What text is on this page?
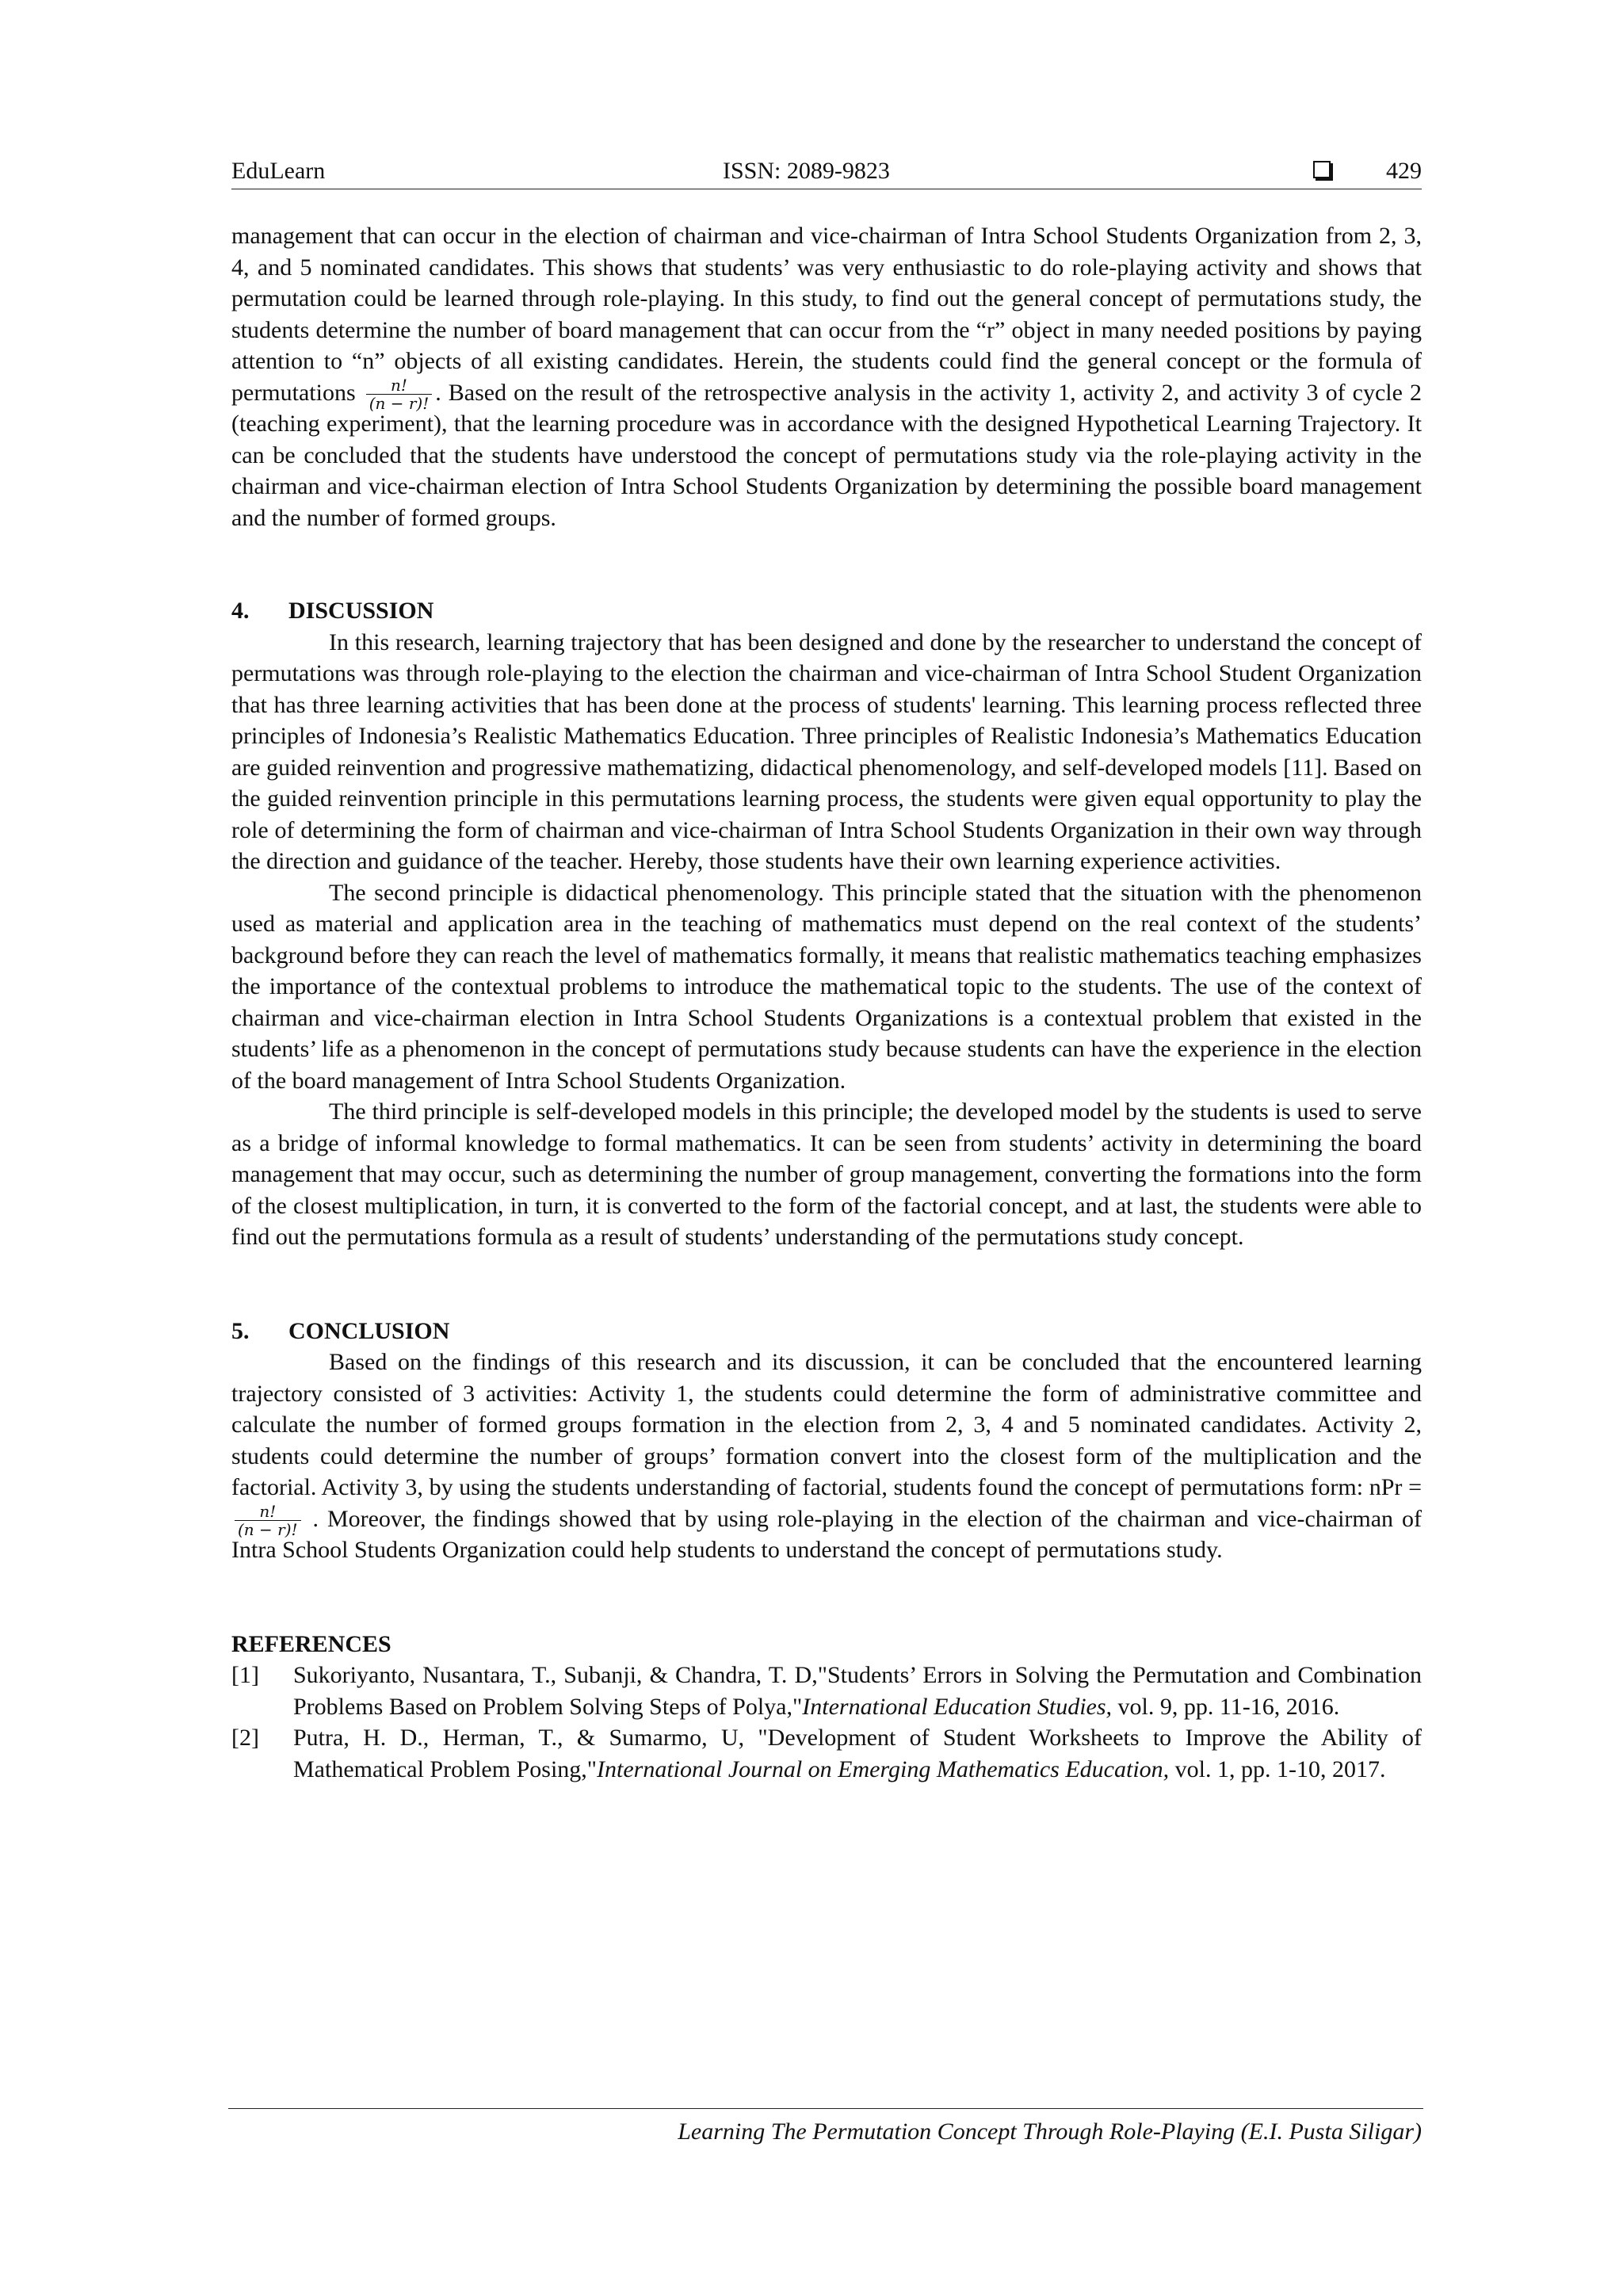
EduLearn	ISSN: 2089-9823	429

management that can occur in the election of chairman and vice-chairman of Intra School Students Organization from 2, 3, 4, and 5 nominated candidates. This shows that students’ was very enthusiastic to do role-playing activity and shows that permutation could be learned through role-playing. In this study, to find out the general concept of permutations study, the students determine the number of board management that can occur from the “r” object in many needed positions by paying attention to “n” objects of all existing candidates. Herein, the students could find the general concept or the formula of permutations $\frac{n!}{(n - r)!}$ . Based on the result of the retrospective analysis in the activity 1, activity 2, and activity 3 of cycle 2 (teaching experiment), that the learning procedure was in accordance with the designed Hypothetical Learning Trajectory. It can be concluded that the students have understood the concept of permutations study via the role-playing activity in the chairman and vice-chairman election of Intra School Students Organization by determining the possible board management and the number of formed groups.

4. DISCUSSION

In this research, learning trajectory that has been designed and done by the researcher to understand the concept of permutations was through role-playing to the election the chairman and vice-chairman of Intra School Student Organization that has three learning activities that has been done at the process of students' learning. This learning process reflected three principles of Indonesia’s Realistic Mathematics Education. Three principles of Realistic Indonesia’s Mathematics Education are guided reinvention and progressive mathematizing, didactical phenomenology, and self-developed models [11]. Based on the guided reinvention principle in this permutations learning process, the students were given equal opportunity to play the role of determining the form of chairman and vice-chairman of Intra School Students Organization in their own way through the direction and guidance of the teacher. Hereby, those students have their own learning experience activities.

The second principle is didactical phenomenology. This principle stated that the situation with the phenomenon used as material and application area in the teaching of mathematics must depend on the real context of the students’ background before they can reach the level of mathematics formally, it means that realistic mathematics teaching emphasizes the importance of the contextual problems to introduce the mathematical topic to the students. The use of the context of chairman and vice-chairman election in Intra School Students Organizations is a contextual problem that existed in the students’ life as a phenomenon in the concept of permutations study because students can have the experience in the election of the board management of Intra School Students Organization.

The third principle is self-developed models in this principle; the developed model by the students is used to serve as a bridge of informal knowledge to formal mathematics. It can be seen from students’ activity in determining the board management that may occur, such as determining the number of group management, converting the formations into the form of the closest multiplication, in turn, it is converted to the form of the factorial concept, and at last, the students were able to find out the permutations formula as a result of students’ understanding of the permutations study concept.

5. CONCLUSION

Based on the findings of this research and its discussion, it can be concluded that the encountered learning trajectory consisted of 3 activities: Activity 1, the students could determine the form of administrative committee and calculate the number of formed groups formation in the election from 2, 3, 4 and 5 nominated candidates. Activity 2, students could determine the number of groups’ formation convert into the closest form of the multiplication and the factorial. Activity 3, by using the students understanding of factorial, students found the concept of permutations form: nPr =
$\frac{n!}{(n - r)!}$ . Moreover, the findings showed that by using role-playing in the election of the chairman and vice-chairman of Intra School Students Organization could help students to understand the concept of permutations study.

REFERENCES

[1] Sukoriyanto, Nusantara, T., Subanji, & Chandra, T. D,"Students’ Errors in Solving the Permutation and Combination Problems Based on Problem Solving Steps of Polya,"International Education Studies, vol. 9, pp. 11-16, 2016.
[2] Putra, H. D., Herman, T., & Sumarmo, U, "Development of Student Worksheets to Improve the Ability of Mathematical Problem Posing,"International Journal on Emerging Mathematics Education, vol. 1, pp. 1-10, 2017.
Learning The Permutation Concept Through Role-Playing (E.I. Pusta Siligar)
